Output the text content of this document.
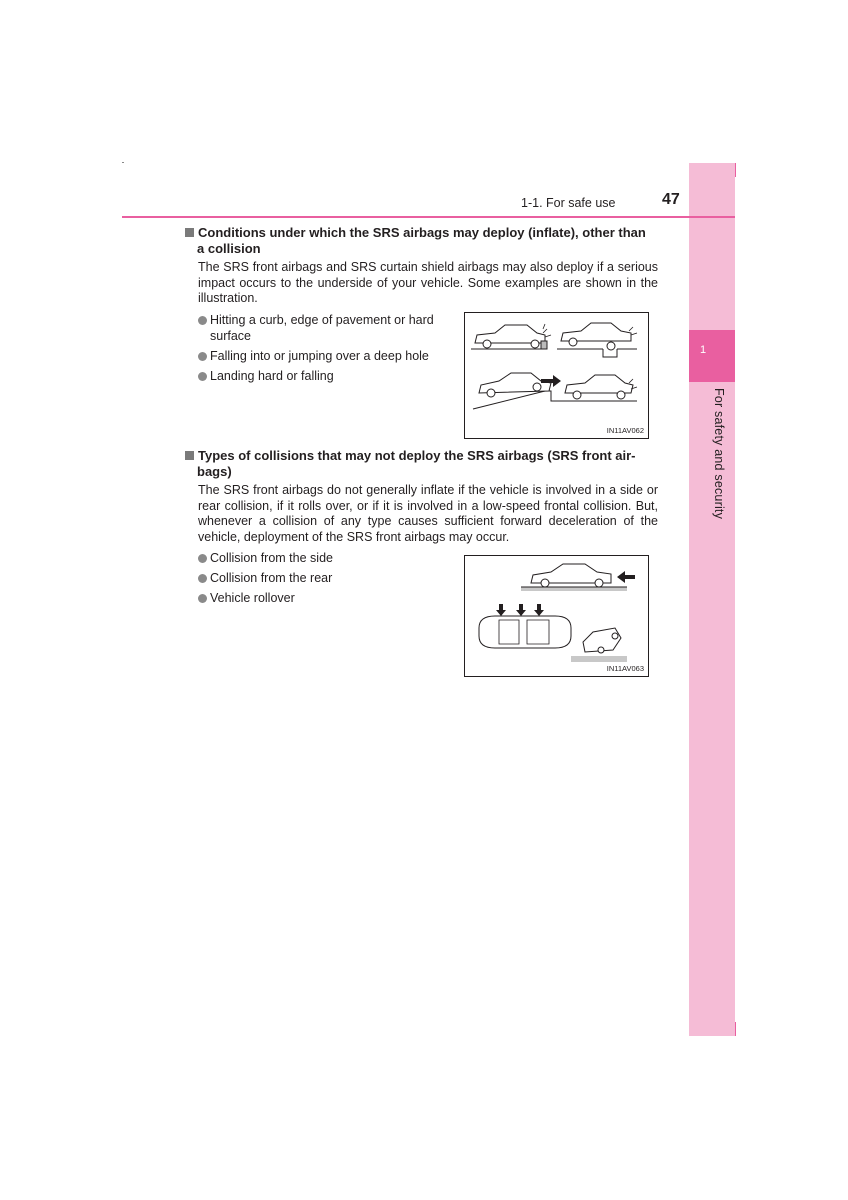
1
For safety and security
1-1. For safe use	47
Conditions under which the SRS airbags may deploy (inflate), other than
a collision
The SRS front airbags and SRS curtain shield airbags may also deploy if a serious impact occurs to the underside of your vehicle. Some examples are shown in the illustration.
Hitting a curb, edge of pavement or hard surface
Falling into or jumping over a deep hole
Landing hard or falling
IN11AV062
Types of collisions that may not deploy the SRS airbags (SRS front air-
bags)
The SRS front airbags do not generally inflate if the vehicle is involved in a side or rear collision, if it rolls over, or if it is involved in a low-speed frontal collision. But, whenever a collision of any type causes sufficient forward deceleration of the vehicle, deployment of the SRS front airbags may occur.
Collision from the side
Collision from the rear
Vehicle rollover
IN11AV063
